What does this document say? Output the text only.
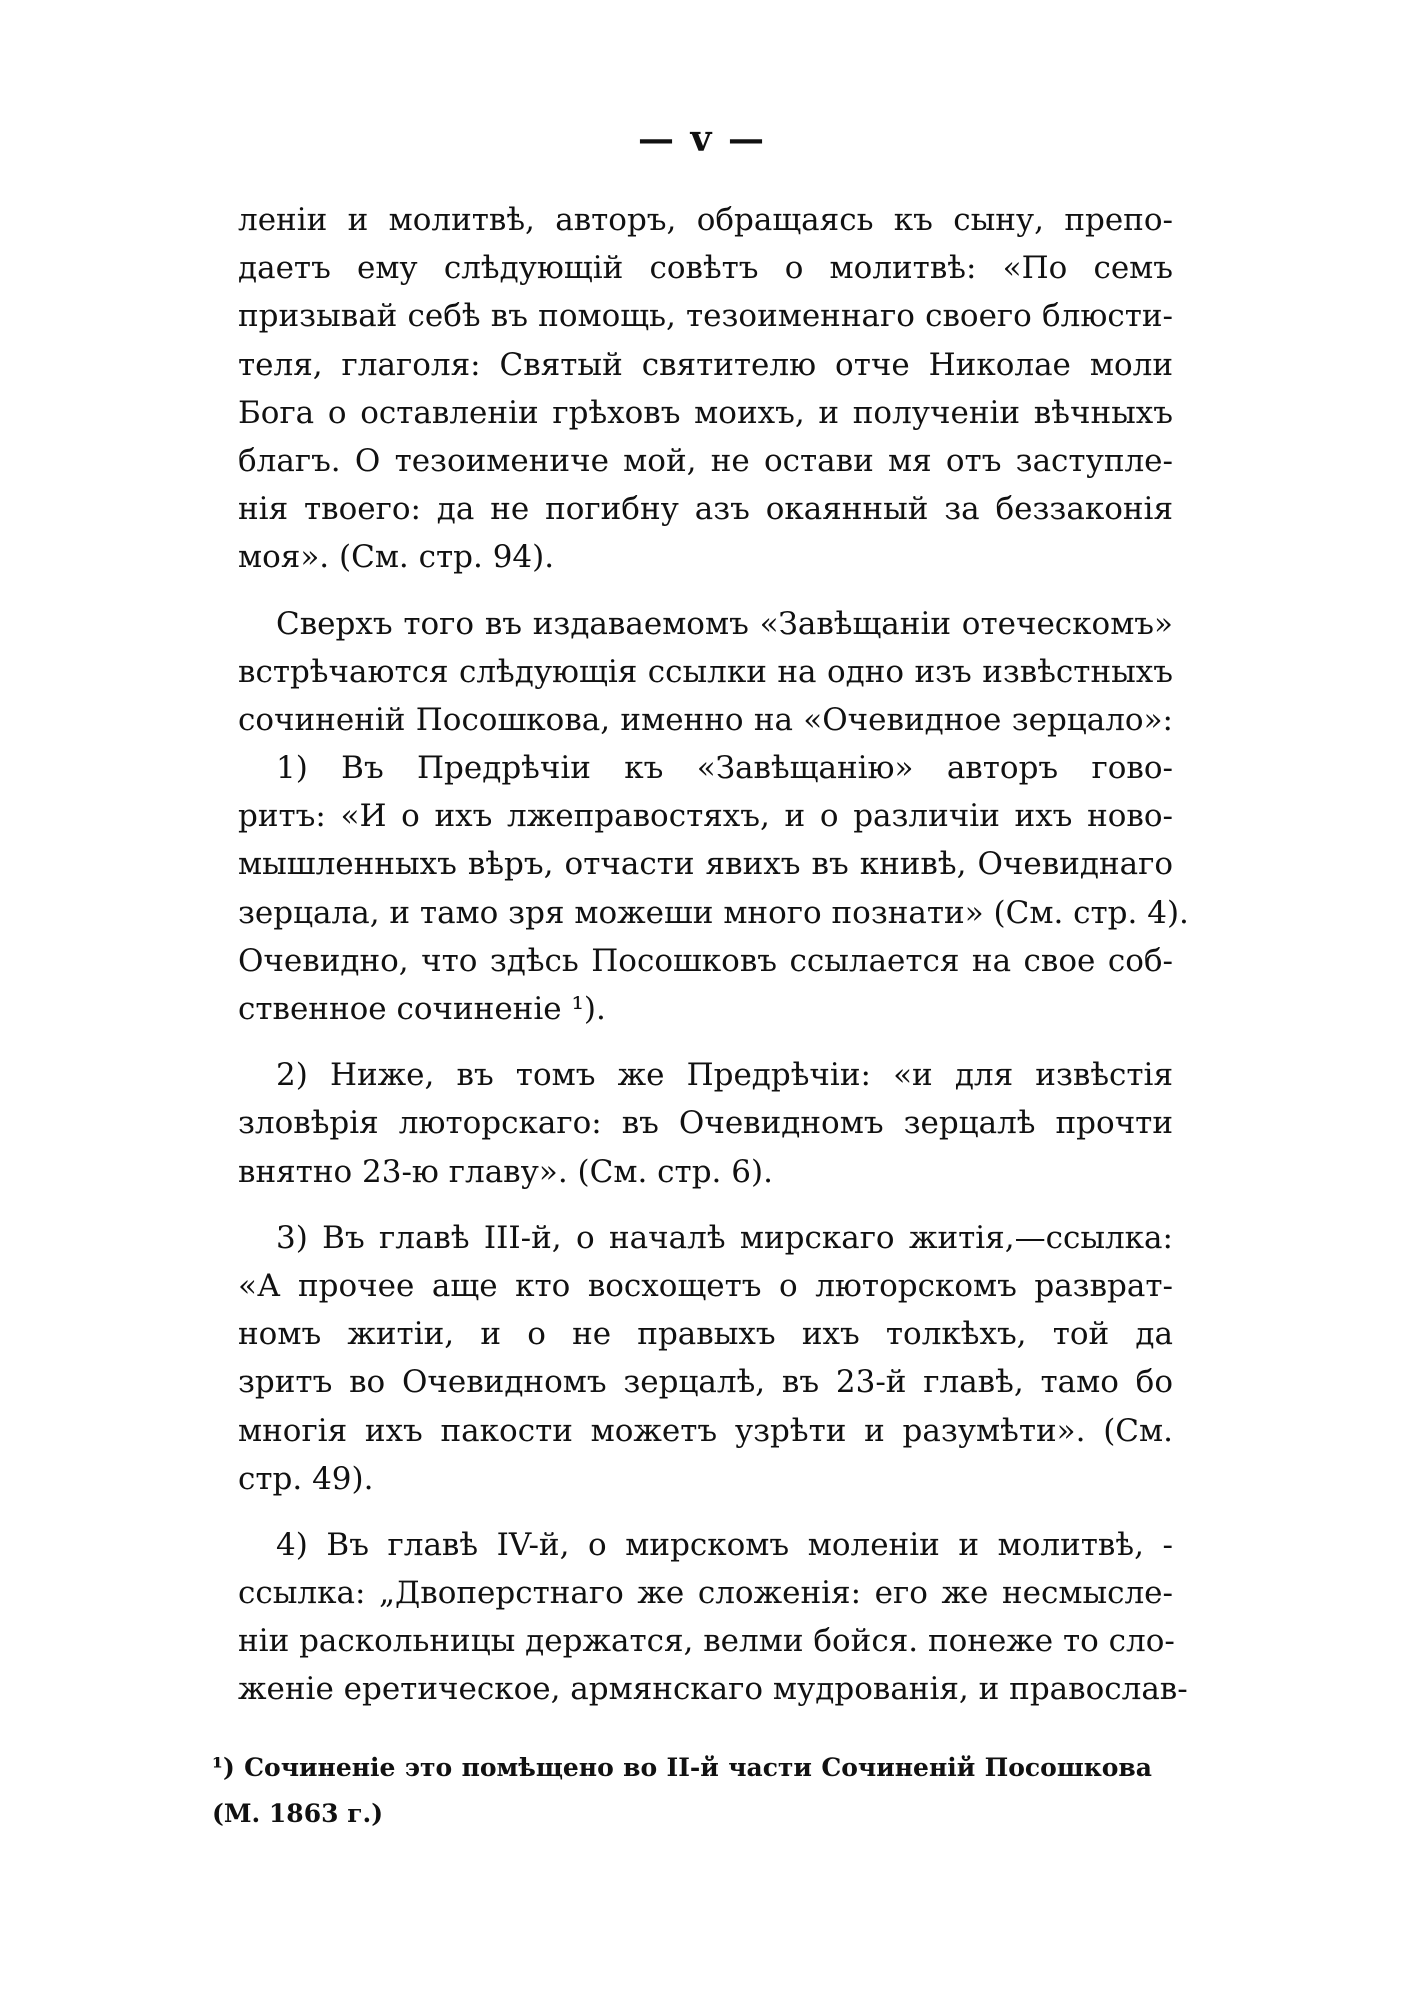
— v —
леніи и молитвѣ, авторъ, обращаясь къ сыну, препо-
даетъ ему слѣдующій совѣтъ о молитвѣ: «По семъ
призывай себѣ въ помощь, тезоименнаго своего блюсти-
теля, глаголя: Святый святителю отче Николае моли
Бога о оставленіи грѣховъ моихъ, и полученіи вѣчныхъ
благъ. О тезоимениче мой, не остави мя отъ заступле-
нія твоего: да не погибну азъ окаянный за беззаконія
моя». (См. стр. 94).
Сверхъ того въ издаваемомъ «Завѣщаніи отеческомъ»
встрѣчаются слѣдующія ссылки на одно изъ извѣстныхъ
сочиненій Посошкова, именно на «Очевидное зерцало»:
1) Въ Предрѣчіи къ «Завѣщанію» авторъ гово-
ритъ: «И о ихъ лжеправостяхъ, и о различіи ихъ ново-
мышленныхъ вѣръ, отчасти явихъ въ книвѣ, Очевиднаго
зерцала, и тамо зря можеши много познати» (См. стр. 4).
Очевидно, что здѣсь Посошковъ ссылается на свое соб-
ственное сочиненіе ¹).
2) Ниже, въ томъ же Предрѣчіи: «и для извѣстія
зловѣрія люторскаго: въ Очевидномъ зерцалѣ прочти
внятно 23-ю главу». (См. стр. 6).
3) Въ главѣ III-й, о началѣ мирскаго житія,—ссылка:
«А прочее аще кто восхощетъ о люторскомъ развpат-
номъ житіи, и о не правыхъ ихъ толкѣхъ, той да
зритъ во Очевидномъ зерцалѣ, въ 23-й главѣ, тамо бо
многія ихъ пакости можетъ узрѣти и разумѣти». (См.
стр. 49).
4) Въ главѣ IV-й, о мирскомъ моленіи и молитвѣ, -
ссылка: „Двоперстнаго же сложенія: его же несмысле-
ніи раскольницы держатся, велми бойся. понеже то сло-
женіе еретическое, армянскаго мудрованія, и православ-
¹) Сочиненіе это помѣщено во II-й части Сочиненій Посошкова
(М. 1863 г.)
